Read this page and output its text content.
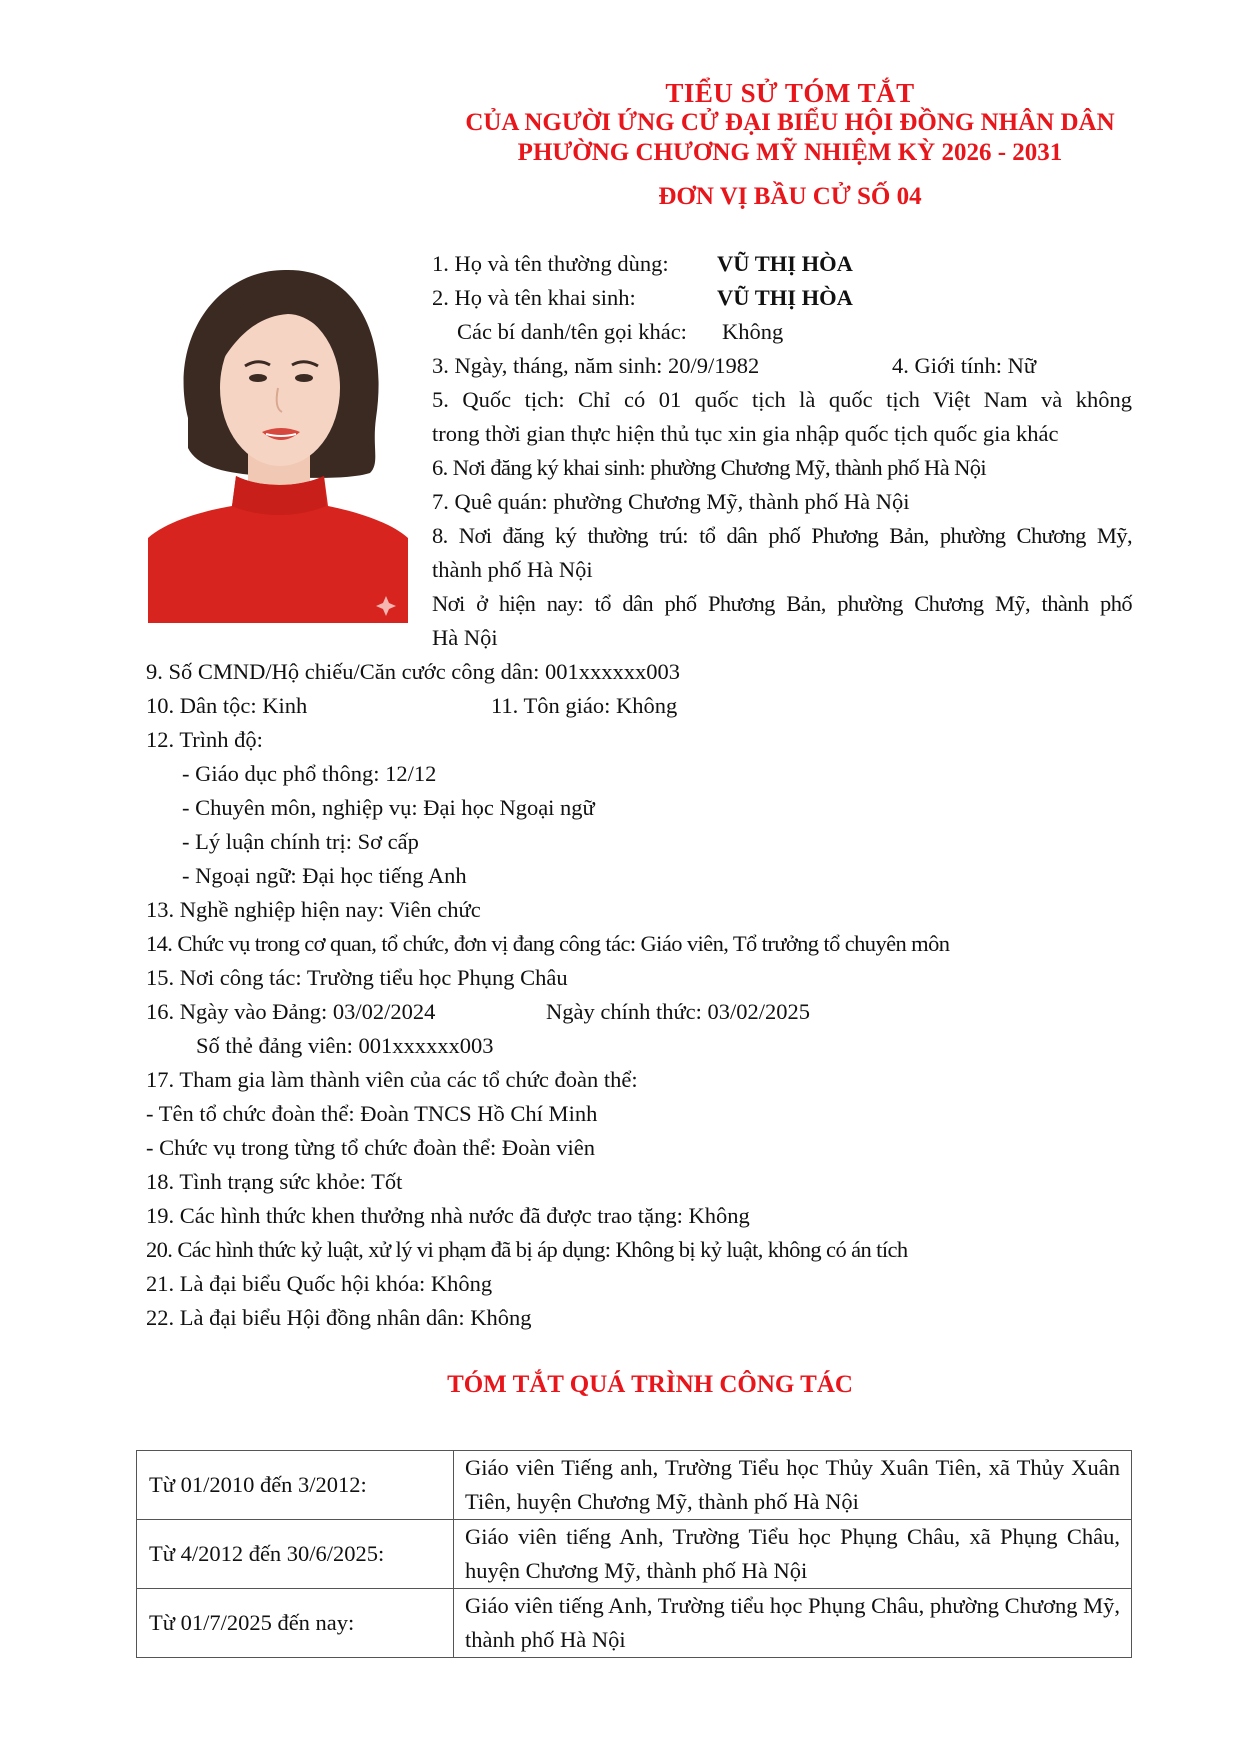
TIỂU SỬ TÓM TẮT
CỦA NGƯỜI ỨNG CỬ ĐẠI BIỂU HỘI ĐỒNG NHÂN DÂN
PHƯỜNG CHƯƠNG MỸ NHIỆM KỲ 2026 - 2031
ĐƠN VỊ BẦU CỬ SỐ 04
1. Họ và tên thường dùng: VŨ THỊ HÒA
2. Họ và tên khai sinh:	VŨ THỊ HÒA
Các bí danh/tên gọi khác: Không
3. Ngày, tháng, năm sinh: 20/9/1982	4. Giới tính: Nữ
5. Quốc tịch: Chỉ có 01 quốc tịch là quốc tịch Việt Nam và không
trong thời gian thực hiện thủ tục xin gia nhập quốc tịch quốc gia khác
6. Nơi đăng ký khai sinh: phường Chương Mỹ, thành phố Hà Nội
7. Quê quán: phường Chương Mỹ, thành phố Hà Nội
8. Nơi đăng ký thường trú: tổ dân phố Phương Bản, phường Chương Mỹ,
thành phố Hà Nội
Nơi ở hiện nay: tổ dân phố Phương Bản, phường Chương Mỹ, thành phố
Hà Nội
9. Số CMND/Hộ chiếu/Căn cước công dân: 001xxxxxx003
10. Dân tộc: Kinh	11. Tôn giáo: Không
12. Trình độ:
- Giáo dục phổ thông: 12/12
- Chuyên môn, nghiệp vụ: Đại học Ngoại ngữ
- Lý luận chính trị: Sơ cấp
- Ngoại ngữ: Đại học tiếng Anh
13. Nghề nghiệp hiện nay: Viên chức
14. Chức vụ trong cơ quan, tổ chức, đơn vị đang công tác: Giáo viên, Tổ trưởng tổ chuyên môn
15. Nơi công tác: Trường tiểu học Phụng Châu
16. Ngày vào Đảng: 03/02/2024	Ngày chính thức: 03/02/2025
Số thẻ đảng viên: 001xxxxxx003
17. Tham gia làm thành viên của các tổ chức đoàn thể:
- Tên tổ chức đoàn thể: Đoàn TNCS Hồ Chí Minh
- Chức vụ trong từng tổ chức đoàn thể: Đoàn viên
18. Tình trạng sức khỏe: Tốt
19. Các hình thức khen thưởng nhà nước đã được trao tặng: Không
20. Các hình thức kỷ luật, xử lý vi phạm đã bị áp dụng: Không bị kỷ luật, không có án tích
21. Là đại biểu Quốc hội khóa: Không
22. Là đại biểu Hội đồng nhân dân: Không
TÓM TẮT QUÁ TRÌNH CÔNG TÁC
Từ 01/2010 đến 3/2012:	Giáo viên Tiếng anh, Trường Tiểu học Thủy Xuân Tiên, xã Thủy Xuân Tiên, huyện Chương Mỹ, thành phố Hà Nội
Từ 4/2012 đến 30/6/2025:	Giáo viên tiếng Anh, Trường Tiểu học Phụng Châu, xã Phụng Châu, huyện Chương Mỹ, thành phố Hà Nội
Từ 01/7/2025 đến nay:	Giáo viên tiếng Anh, Trường tiểu học Phụng Châu, phường Chương Mỹ, thành phố Hà Nội
